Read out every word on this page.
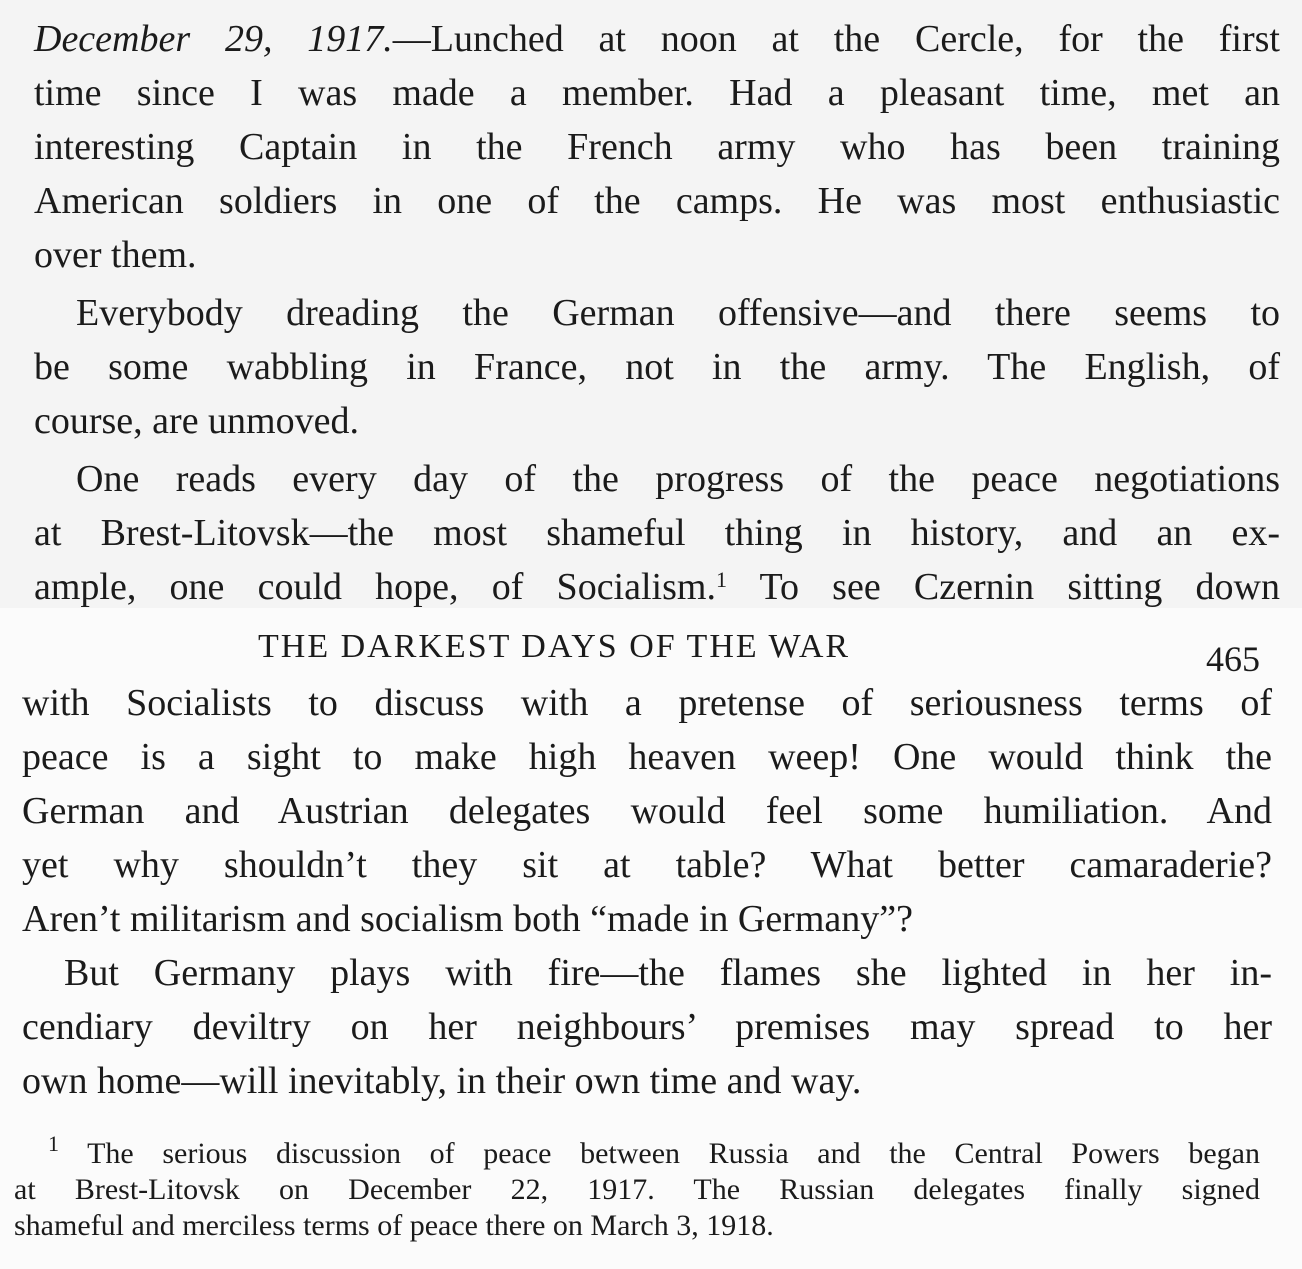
December 29, 1917.—Lunched at noon at the Cercle, for the first

time since I was made a member. Had a pleasant time, met an

interesting Captain in the French army who has been training

American soldiers in one of the camps. He was most enthusiastic

over them.

Everybody dreading the German offensive—and there seems to

be some wabbling in France, not in the army. The English, of

course, are unmoved.

One reads every day of the progress of the peace negotiations

at Brest-Litovsk—the most shameful thing in history, and an ex-

ample, one could hope, of Socialism.$^1$ To see Czernin sitting down

THE DARKEST DAYS OF THE WAR	465

with Socialists to discuss with a pretense of seriousness terms of

peace is a sight to make high heaven weep! One would think the

German and Austrian delegates would feel some humiliation. And

yet why shouldn’t they sit at table? What better camaraderie?

Aren’t militarism and socialism both “made in Germany”?

But Germany plays with fire—the flames she lighted in her in-

cendiary deviltry on her neighbours’ premises may spread to her

own home—will inevitably, in their own time and way.

$^1$ The serious discussion of peace between Russia and the Central Powers began

at Brest-Litovsk on December 22, 1917. The Russian delegates finally signed

shameful and merciless terms of peace there on March 3, 1918.
